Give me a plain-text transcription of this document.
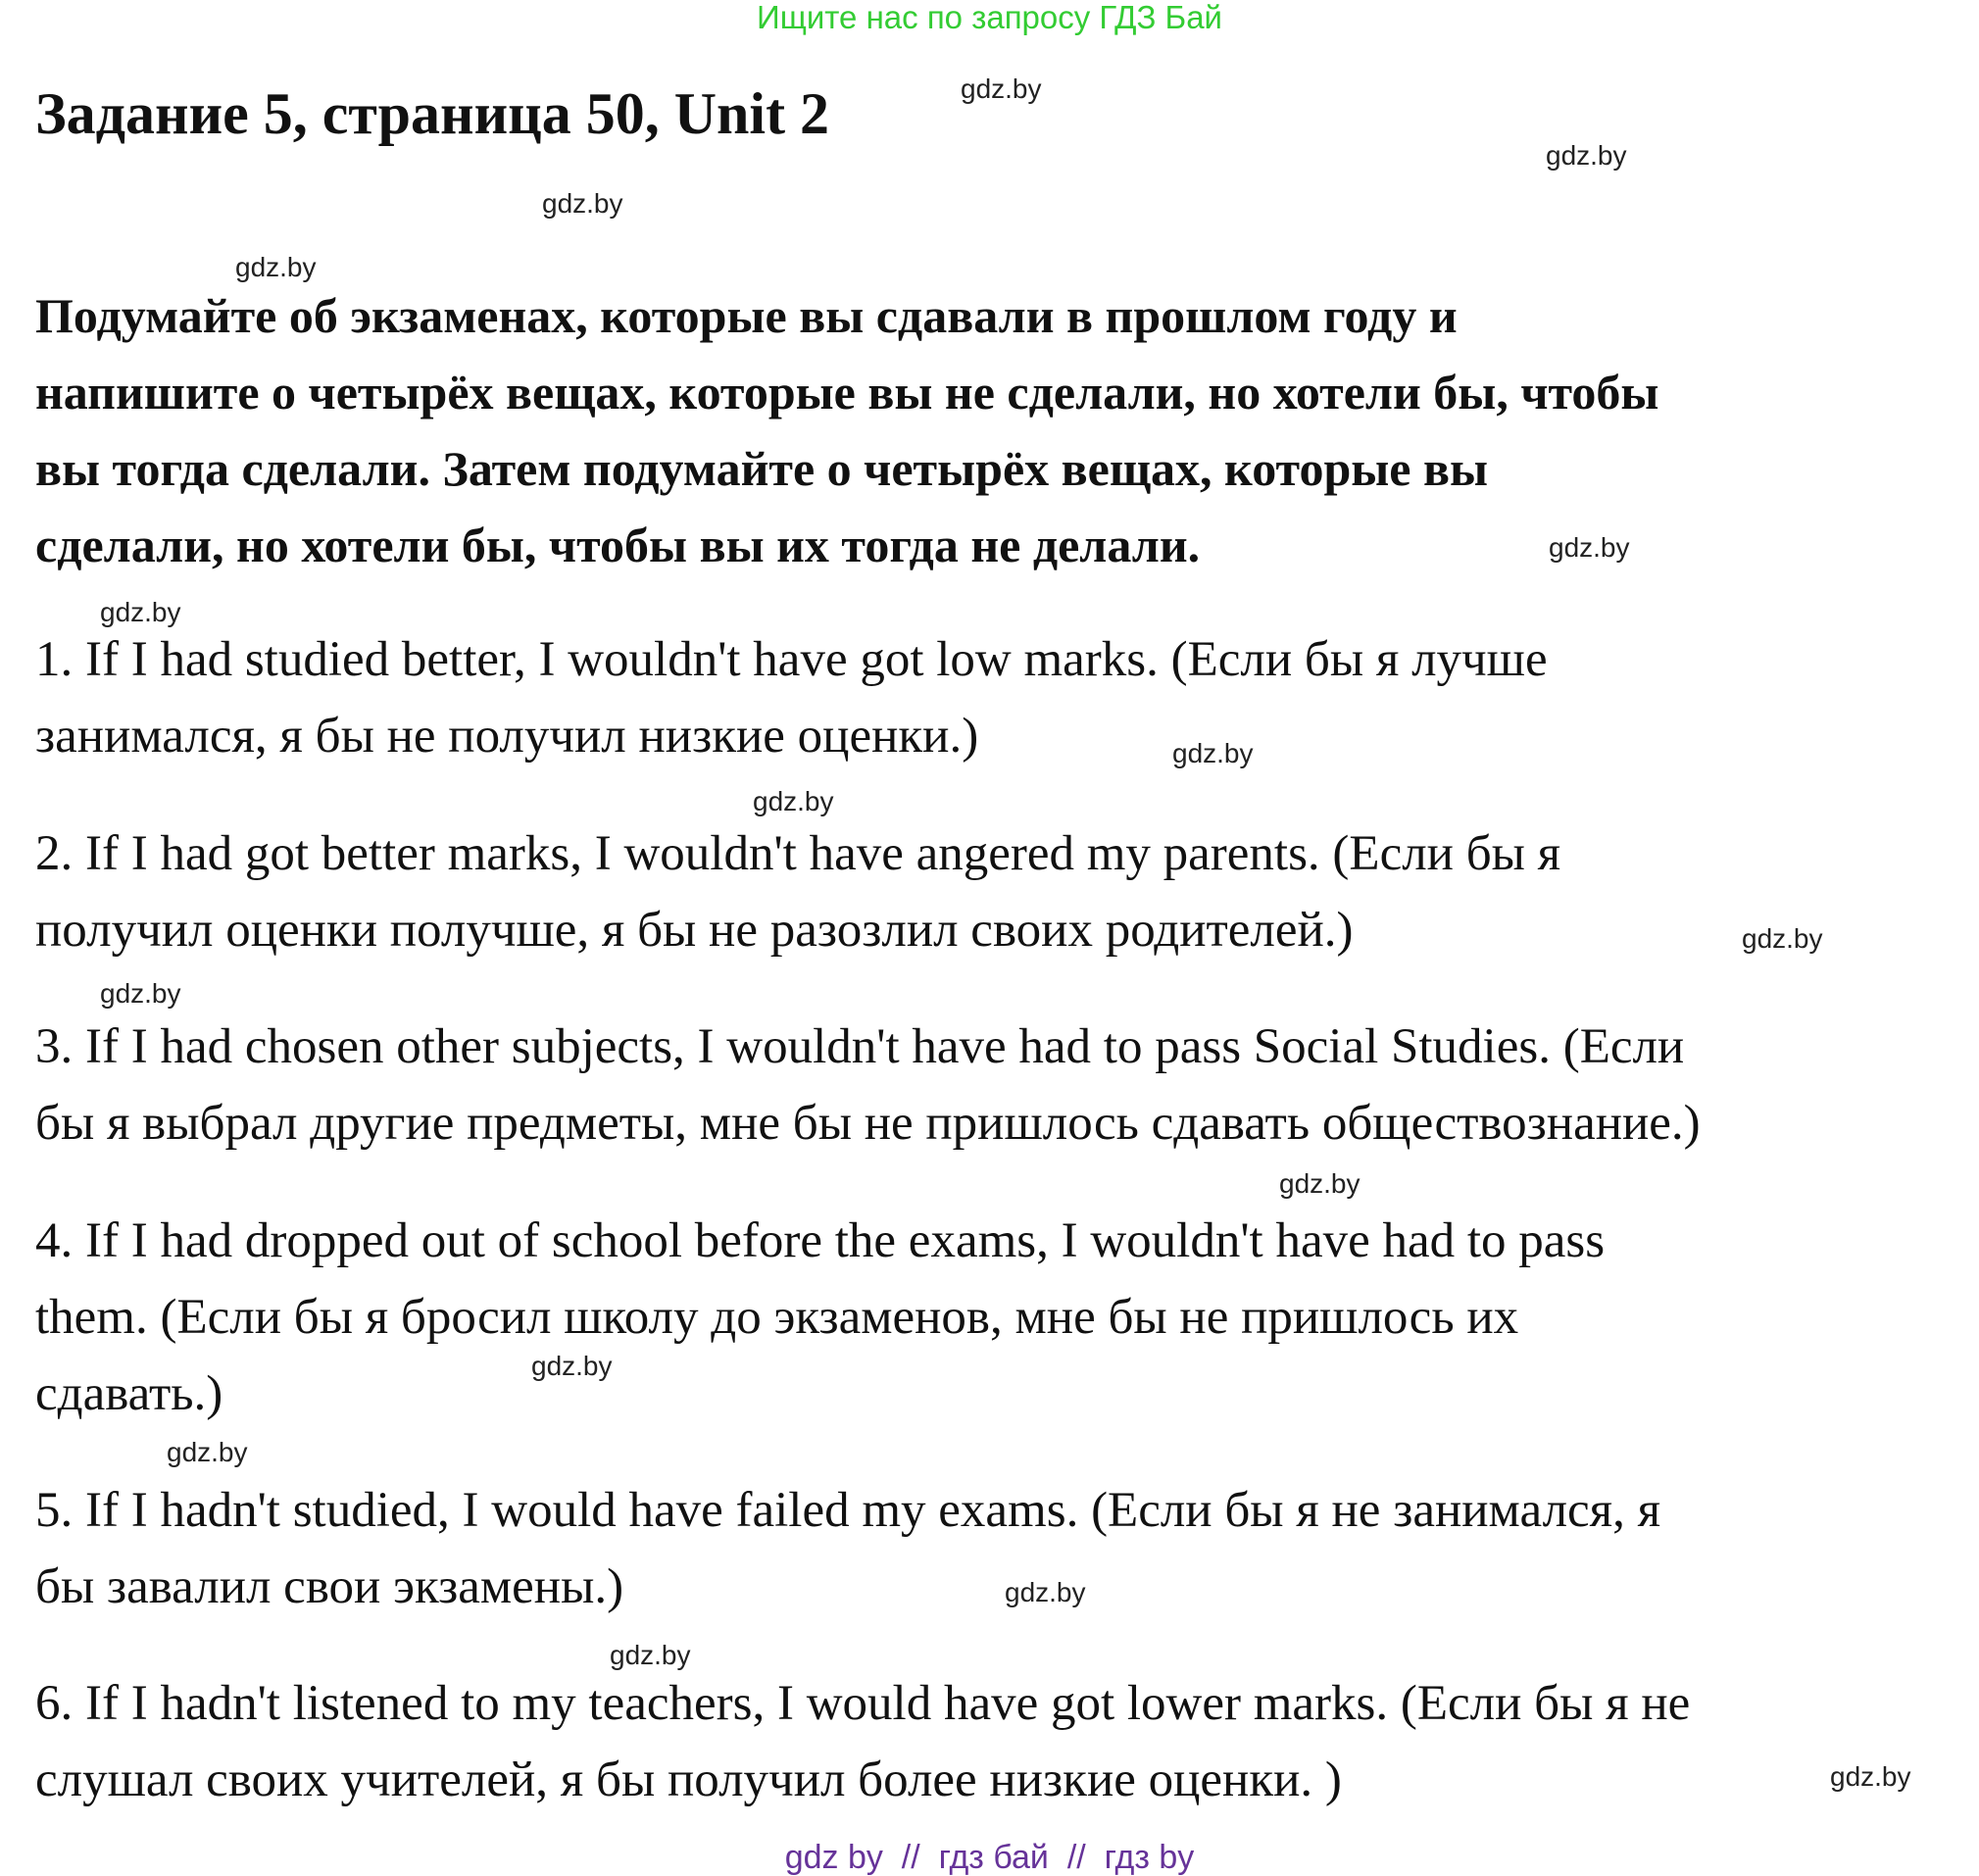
Ищите нас по запросу ГДЗ Бай
Задание 5, страница 50, Unit 2
Подумайте об экзаменах, которые вы сдавали в прошлом году и
напишите о четырёх вещах, которые вы не сделали, но хотели бы, чтобы
вы тогда сделали. Затем подумайте о четырёх вещах, которые вы
сделали, но хотели бы, чтобы вы их тогда не делали.
1. If I had studied better, I wouldn't have got low marks. (Если бы я лучше
занимался, я бы не получил низкие оценки.)
2. If I had got better marks, I wouldn't have angered my parents. (Если бы я
получил оценки получше, я бы не разозлил своих родителей.)
3. If I had chosen other subjects, I wouldn't have had to pass Social Studies. (Если
бы я выбрал другие предметы, мне бы не пришлось сдавать обществознание.)
4. If I had dropped out of school before the exams, I wouldn't have had to pass
them. (Если бы я бросил школу до экзаменов, мне бы не пришлось их
сдавать.)
5. If I hadn't studied, I would have failed my exams. (Если бы я не занимался, я
бы завалил свои экзамены.)
6. If I hadn't listened to my teachers, I would have got lower marks. (Если бы я не
слушал своих учителей, я бы получил более низкие оценки. )
gdz.by
gdz.by
gdz.by
gdz.by
gdz.by
gdz.by
gdz.by
gdz.by
gdz.by
gdz.by
gdz.by
gdz.by
gdz.by
gdz.by
gdz.by
gdz.by
gdz by  //  гдз бай  //  гдз by
